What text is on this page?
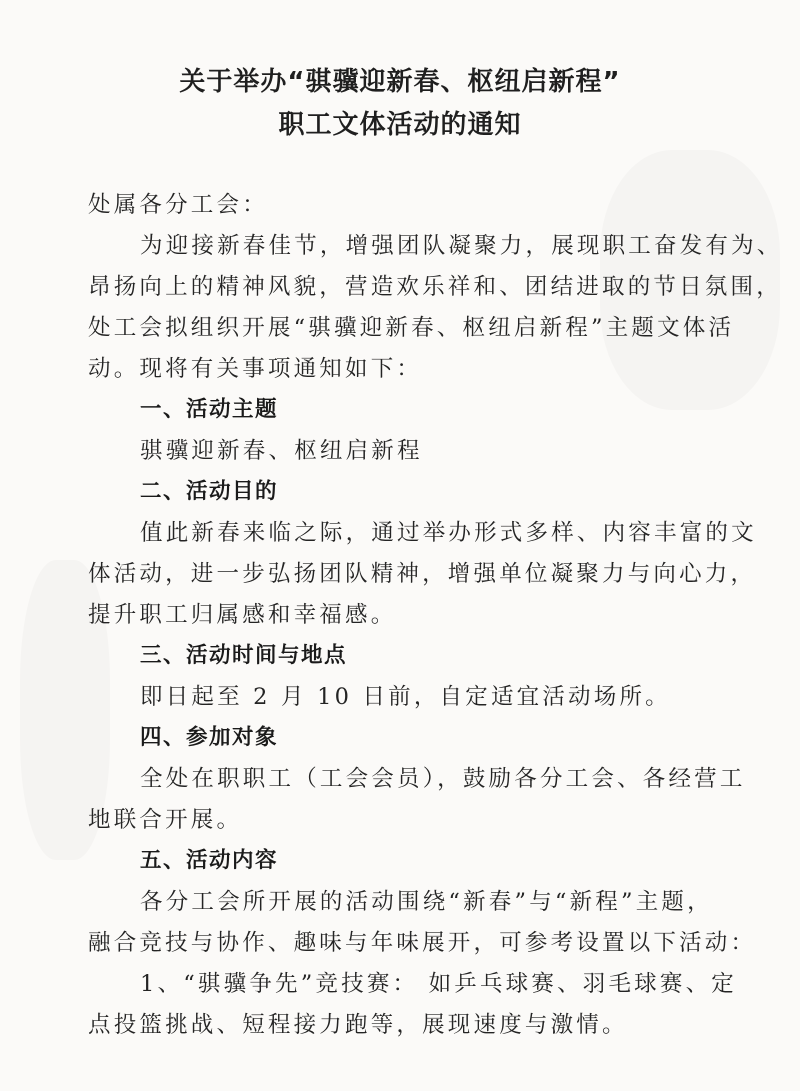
关于举办“骐骥迎新春、枢纽启新程”
职工文体活动的通知
处属各分工会：
为迎接新春佳节，增强团队凝聚力，展现职工奋发有为、
昂扬向上的精神风貌，营造欢乐祥和、团结进取的节日氛围，
处工会拟组织开展“骐骥迎新春、枢纽启新程”主题文体活
动。现将有关事项通知如下：
一、活动主题
骐骥迎新春、枢纽启新程
二、活动目的
值此新春来临之际，通过举办形式多样、内容丰富的文
体活动，进一步弘扬团队精神，增强单位凝聚力与向心力，
提升职工归属感和幸福感。
三、活动时间与地点
即日起至 2 月 10 日前，自定适宜活动场所。
四、参加对象
全处在职职工（工会会员），鼓励各分工会、各经营工
地联合开展。
五、活动内容
各分工会所开展的活动围绕“新春”与“新程”主题，
融合竞技与协作、趣味与年味展开，可参考设置以下活动：
1、“骐骥争先”竞技赛： 如乒乓球赛、羽毛球赛、定
点投篮挑战、短程接力跑等，展现速度与激情。
